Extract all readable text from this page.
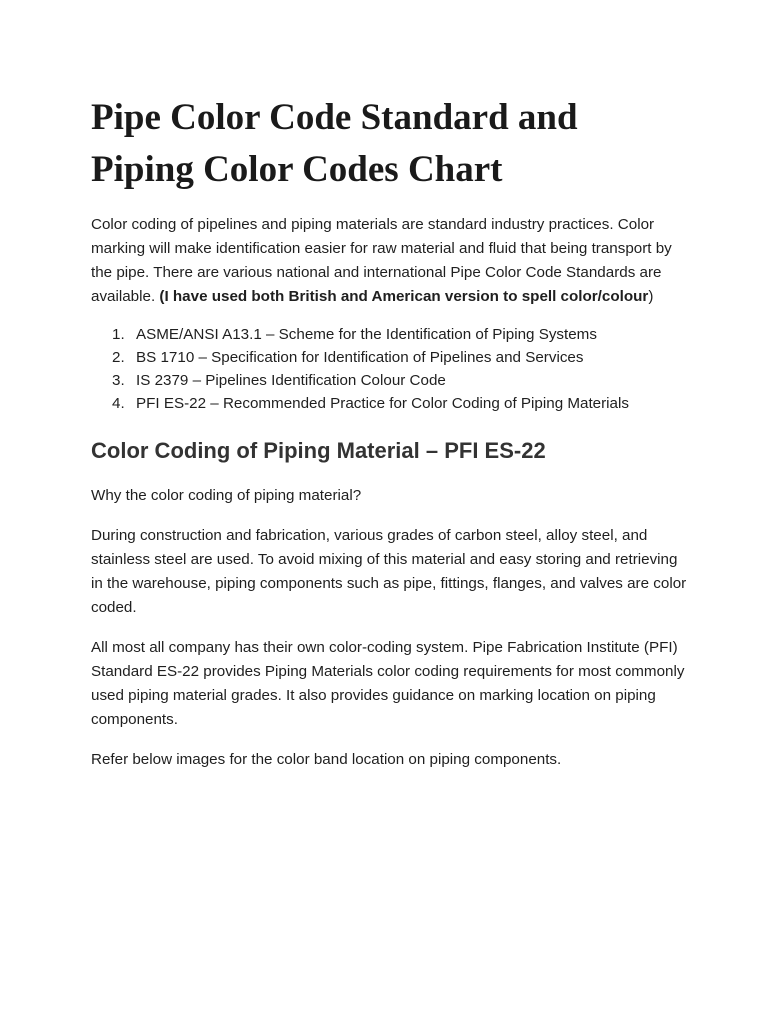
Pipe Color Code Standard and Piping Color Codes Chart

Color coding of pipelines and piping materials are standard industry practices. Color marking will make identification easier for raw material and fluid that being transport by the pipe. There are various national and international Pipe Color Code Standards are available. (I have used both British and American version to spell color/colour)

1. ASME/ANSI A13.1 – Scheme for the Identification of Piping Systems
2. BS 1710 – Specification for Identification of Pipelines and Services
3. IS 2379 – Pipelines Identification Colour Code
4. PFI ES-22 – Recommended Practice for Color Coding of Piping Materials
Color Coding of Piping Material – PFI ES-22

Why the color coding of piping material?

During construction and fabrication, various grades of carbon steel, alloy steel, and stainless steel are used. To avoid mixing of this material and easy storing and retrieving in the warehouse, piping components such as pipe, fittings, flanges, and valves are color coded.

All most all company has their own color-coding system. Pipe Fabrication Institute (PFI) Standard ES-22 provides Piping Materials color coding requirements for most commonly used piping material grades. It also provides guidance on marking location on piping components.

Refer below images for the color band location on piping components.
